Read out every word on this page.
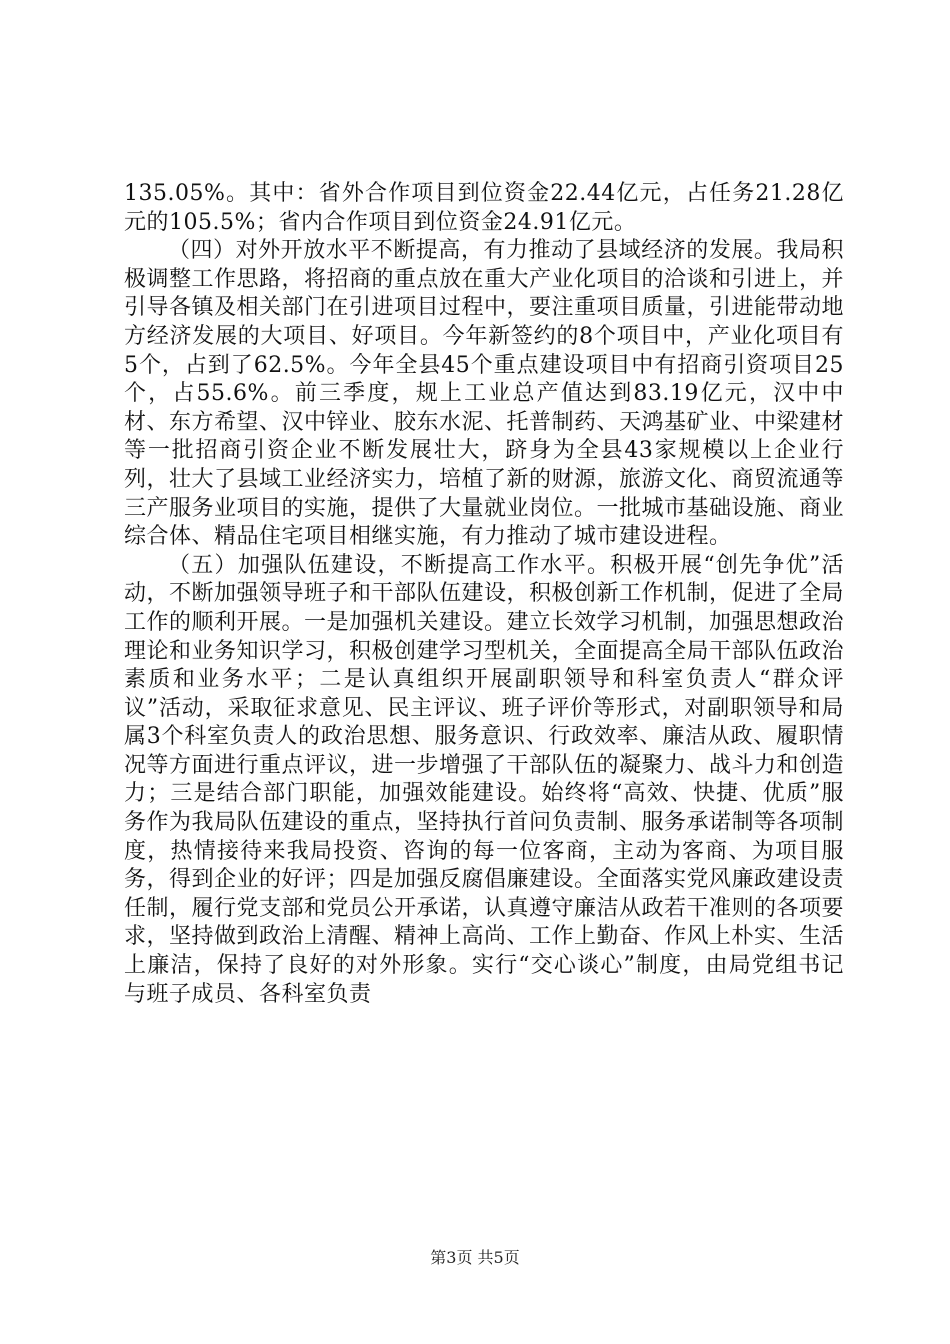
135.05%。其中：省外合作项目到位资金22.44亿元，占任务21.28亿元的105.5%；省内合作项目到位资金24.91亿元。

（四）对外开放水平不断提高，有力推动了县域经济的发展。我局积极调整工作思路，将招商的重点放在重大产业化项目的洽谈和引进上，并引导各镇及相关部门在引进项目过程中，要注重项目质量，引进能带动地方经济发展的大项目、好项目。今年新签约的8个项目中，产业化项目有5个，占到了62.5%。今年全县45个重点建设项目中有招商引资项目25个，占55.6%。前三季度，规上工业总产值达到83.19亿元，汉中中材、东方希望、汉中锌业、胶东水泥、托普制药、天鸿基矿业、中梁建材等一批招商引资企业不断发展壮大，跻身为全县43家规模以上企业行列，壮大了县域工业经济实力，培植了新的财源，旅游文化、商贸流通等三产服务业项目的实施，提供了大量就业岗位。一批城市基础设施、商业综合体、精品住宅项目相继实施，有力推动了城市建设进程。

（五）加强队伍建设，不断提高工作水平。积极开展“创先争优”活动，不断加强领导班子和干部队伍建设，积极创新工作机制，促进了全局工作的顺利开展。一是加强机关建设。建立长效学习机制，加强思想政治理论和业务知识学习，积极创建学习型机关，全面提高全局干部队伍政治素质和业务水平；二是认真组织开展副职领导和科室负责人“群众评议”活动，采取征求意见、民主评议、班子评价等形式，对副职领导和局属3个科室负责人的政治思想、服务意识、行政效率、廉洁从政、履职情况等方面进行重点评议，进一步增强了干部队伍的凝聚力、战斗力和创造力；三是结合部门职能，加强效能建设。始终将“高效、快捷、优质”服务作为我局队伍建设的重点，坚持执行首问负责制、服务承诺制等各项制度，热情接待来我局投资、咨询的每一位客商，主动为客商、为项目服务，得到企业的好评；四是加强反腐倡廉建设。全面落实党风廉政建设责任制，履行党支部和党员公开承诺，认真遵守廉洁从政若干准则的各项要求，坚持做到政治上清醒、精神上高尚、工作上勤奋、作风上朴实、生活上廉洁，保持了良好的对外形象。实行“交心谈心”制度，由局党组书记与班子成员、各科室负责

第3页 共5页
